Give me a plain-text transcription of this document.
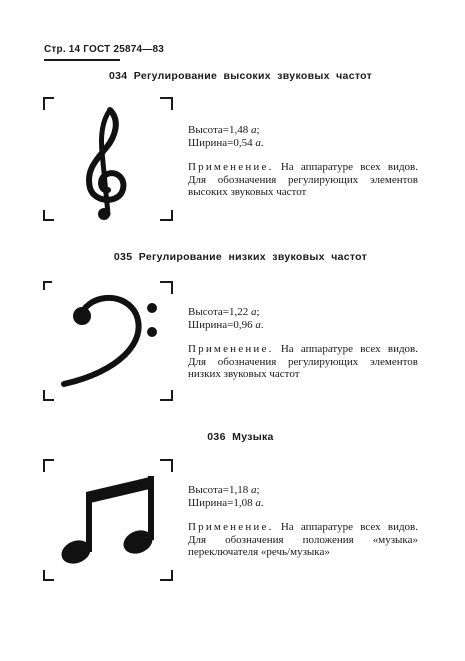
Стр. 14 ГОСТ 25874—83
034  Регулирование  высоких  звуковых  частот
Высота=1,48 a;
Ширина=0,54 a.
Применение. На аппаратуре всех видов. Для обозначения регулирующих элементов высоких звуковых частот
035  Регулирование  низких  звуковых  частот
Высота=1,22 a;
Ширина=0,96 a.
Применение. На аппаратуре всех видов. Для обозначения регулирующих элементов низких звуковых частот
036  Музыка
Высота=1,18 a;
Ширина=1,08 a.
Применение. На аппаратуре всех видов. Для обозначения положения «музыка» переключателя «речь/музыка»
